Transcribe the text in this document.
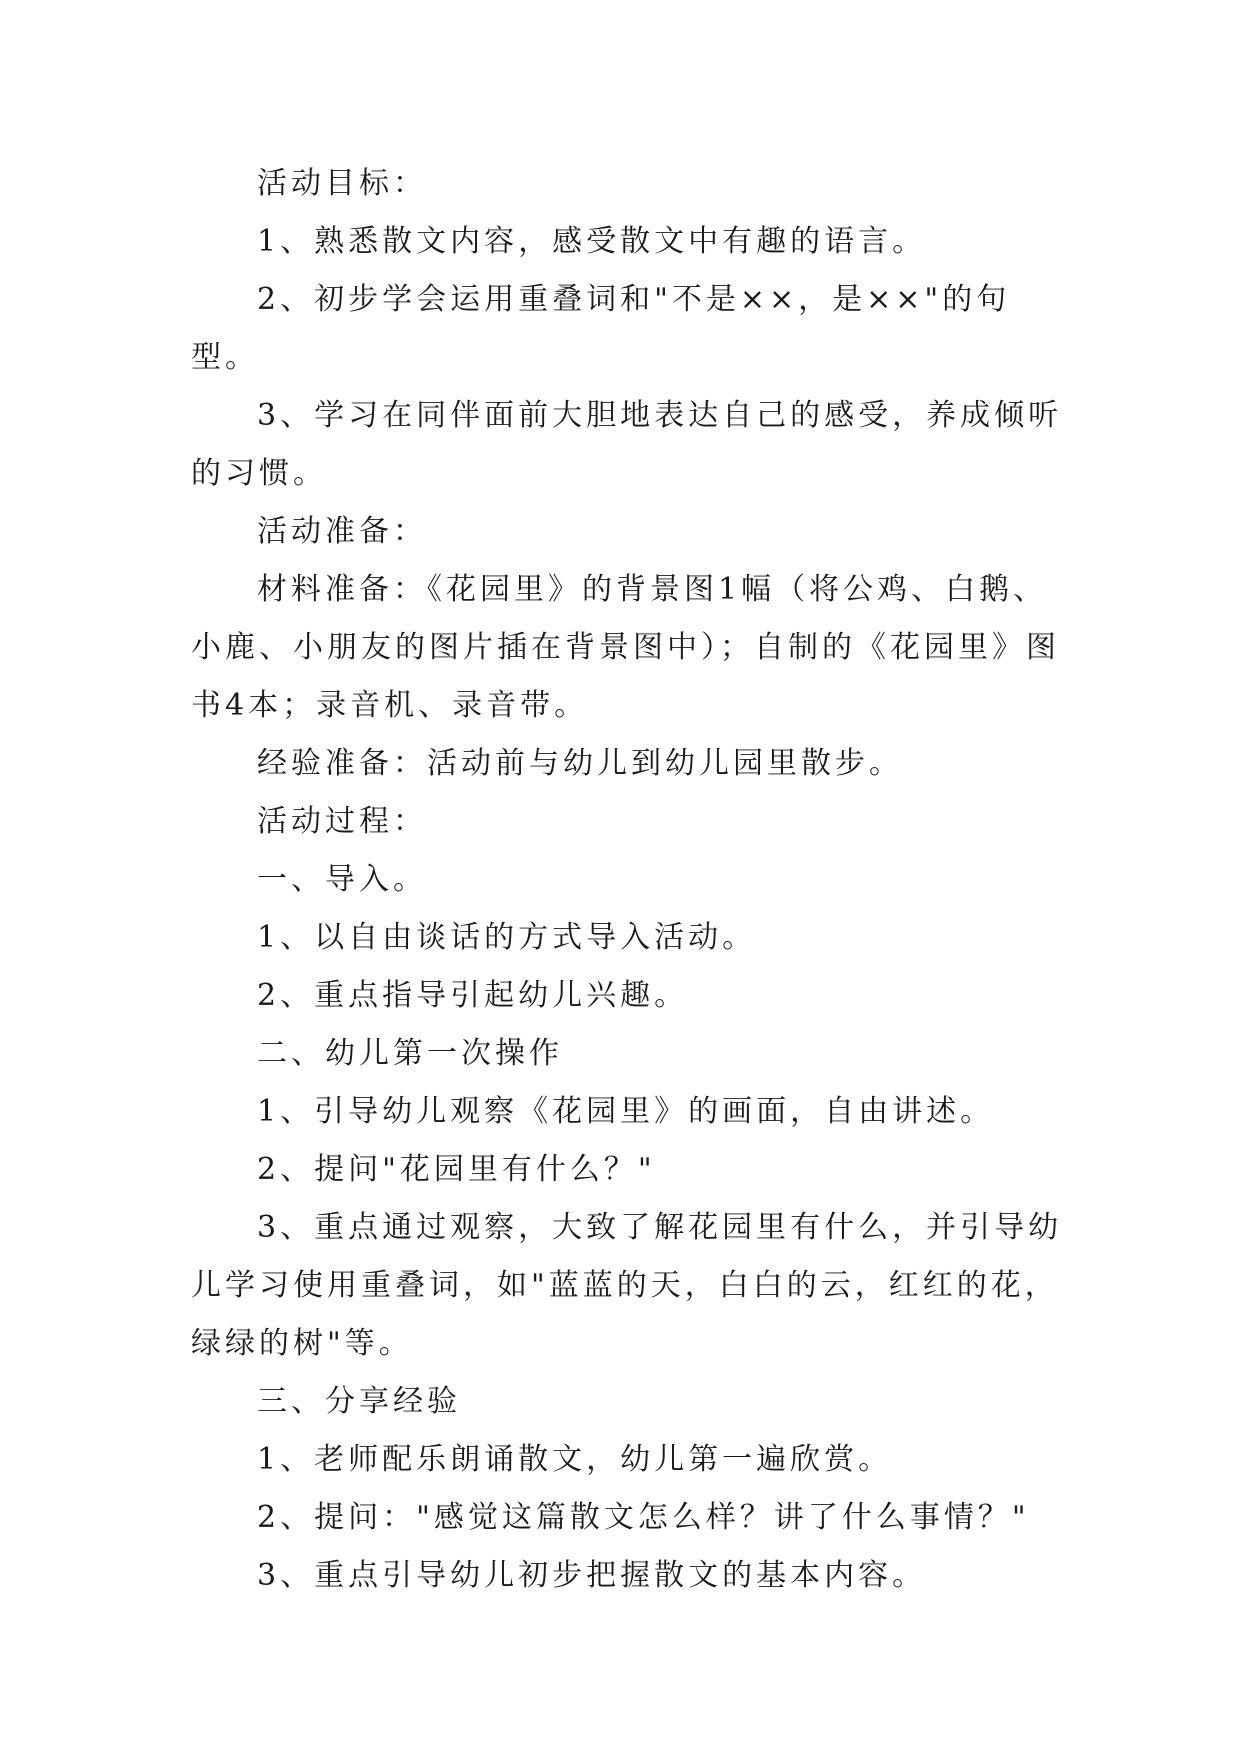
活动目标：

1、熟悉散文内容，感受散文中有趣的语言。

2、初步学会运用重叠词和"不是××，是××"的句型。

3、学习在同伴面前大胆地表达自己的感受，养成倾听的习惯。

活动准备：

材料准备：《花园里》的背景图1幅（将公鸡、白鹅、小鹿、小朋友的图片插在背景图中）；自制的《花园里》图书4本；录音机、录音带。

经验准备：活动前与幼儿到幼儿园里散步。

活动过程：

一、导入。

1、以自由谈话的方式导入活动。

2、重点指导引起幼儿兴趣。

二、幼儿第一次操作

1、引导幼儿观察《花园里》的画面，自由讲述。

2、提问"花园里有什么？"

3、重点通过观察，大致了解花园里有什么，并引导幼儿学习使用重叠词，如"蓝蓝的天，白白的云，红红的花，绿绿的树"等。

三、分享经验

1、老师配乐朗诵散文，幼儿第一遍欣赏。

2、提问："感觉这篇散文怎么样？讲了什么事情？"

3、重点引导幼儿初步把握散文的基本内容。
